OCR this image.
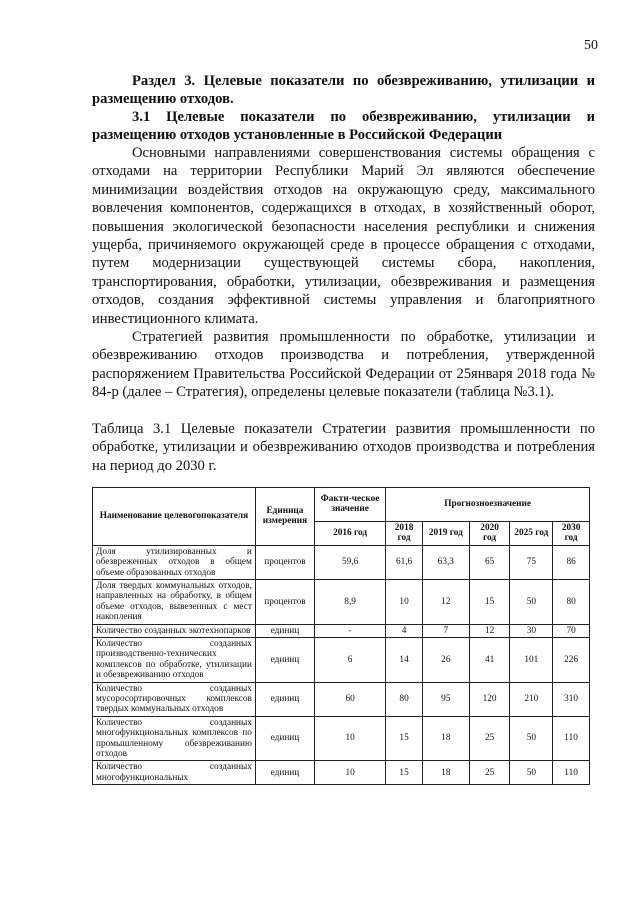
50

Раздел 3. Целевые показатели по обезвреживанию, утилизации и размещению отходов.

3.1 Целевые показатели по обезвреживанию, утилизации и размещению отходов установленные в Российской Федерации

Основными направлениями совершенствования системы обращения с отходами на территории Республики Марий Эл являются обеспечение минимизации воздействия отходов на окружающую среду, максимального вовлечения компонентов, содержащихся в отходах, в хозяйственный оборот, повышения экологической безопасности населения республики и снижения ущерба, причиняемого окружающей среде в процессе обращения с отходами, путем модернизации существующей системы сбора, накопления, транспортирования, обработки, утилизации, обезвреживания и размещения отходов, создания эффективной системы управления и благоприятного инвестиционного климата.

Стратегией развития промышленности по обработке, утилизации и обезвреживанию отходов производства и потребления, утвержденной распоряжением Правительства Российской Федерации от 25января 2018 года № 84-р (далее – Стратегия), определены целевые показатели (таблица №3.1).

Таблица 3.1 Целевые показатели Стратегии развития промышленности по обработке, утилизации и обезвреживанию отходов производства и потребления на период до 2030 г.

Наименование целевогопоказателя	Единица измерения	Факти-ческое значение	Прогнозноезначение				
		2016 год	2018 год	2019 год	2020 год	2025 год	2030 год
Доля утилизированных и обезвреженных отходов в общем объеме образованных отходов	процентов	59,6	61,6	63,3	65	75	86
Доля твердых коммунальных отходов, направленных на обработку, в общем объеме отходов, вывезенных с мест накопления	процентов	8,9	10	12	15	50	80
Количество созданных экотехнопарков	единиц	-	4	7	12	30	70
Количество созданных производственно-технических комплексов по обработке, утилизации и обезвреживанию отходов	единиц	6	14	26	41	101	226
Количество созданных мусоросортировочных комплексов твердых коммунальных отходов	единиц	60	80	95	120	210	310
Количество созданных многофункциональных комплексов по промышленному обезвреживанию отходов	единиц	10	15	18	25	50	110
Количество созданных многофункциональных	единиц	10	15	18	25	50	110
